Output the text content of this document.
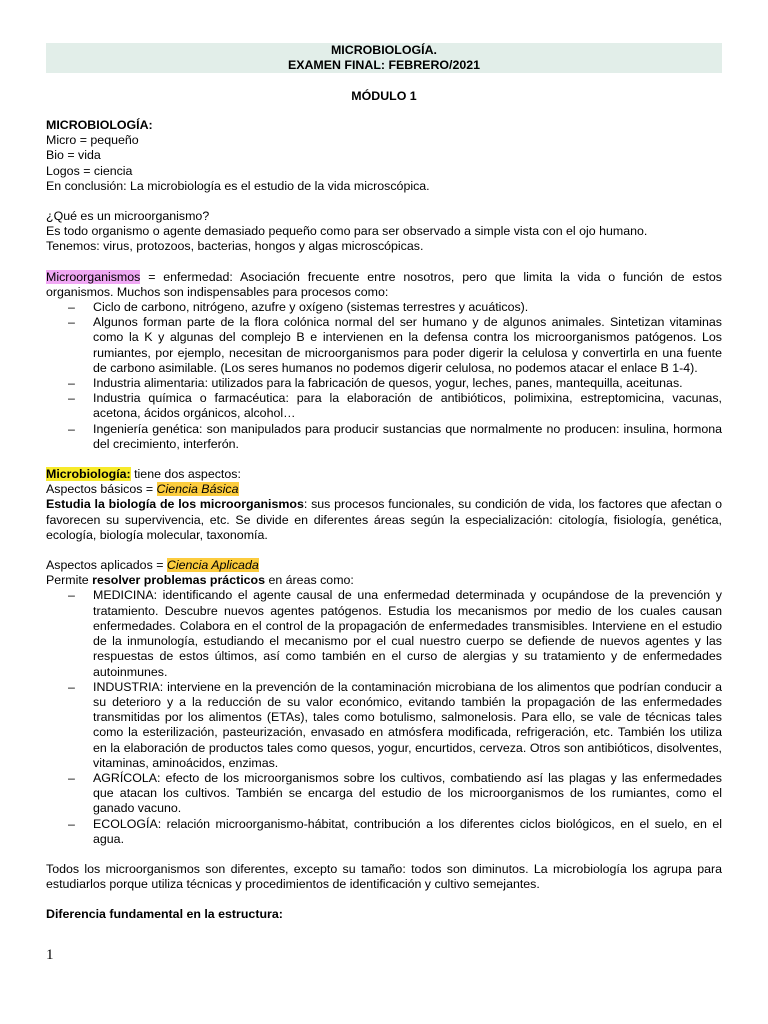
MICROBIOLOGÍA.
EXAMEN FINAL: FEBRERO/2021
MÓDULO 1
MICROBIOLOGÍA:
Micro = pequeño
Bio = vida
Logos = ciencia
En conclusión: La microbiología es el estudio de la vida microscópica.
¿Qué es un microorganismo?
Es todo organismo o agente demasiado pequeño como para ser observado a simple vista con el ojo humano.
Tenemos: virus, protozoos, bacterias, hongos y algas microscópicas.
Microorganismos = enfermedad: Asociación frecuente entre nosotros, pero que limita la vida o función de estos organismos. Muchos son indispensables para procesos como:
– Ciclo de carbono, nitrógeno, azufre y oxígeno (sistemas terrestres y acuáticos).
– Algunos forman parte de la flora colónica normal del ser humano y de algunos animales. Sintetizan vitaminas como la K y algunas del complejo B e intervienen en la defensa contra los microorganismos patógenos. Los rumiantes, por ejemplo, necesitan de microorganismos para poder digerir la celulosa y convertirla en una fuente de carbono asimilable. (Los seres humanos no podemos digerir celulosa, no podemos atacar el enlace B 1-4).
– Industria alimentaria: utilizados para la fabricación de quesos, yogur, leches, panes, mantequilla, aceitunas.
– Industria química o farmacéutica: para la elaboración de antibióticos, polimixina, estreptomicina, vacunas, acetona, ácidos orgánicos, alcohol…
– Ingeniería genética: son manipulados para producir sustancias que normalmente no producen: insulina, hormona del crecimiento, interferón.
Microbiología: tiene dos aspectos:
Aspectos básicos = Ciencia Básica
Estudia la biología de los microorganismos: sus procesos funcionales, su condición de vida, los factores que afectan o favorecen su supervivencia, etc. Se divide en diferentes áreas según la especialización: citología, fisiología, genética, ecología, biología molecular, taxonomía.
Aspectos aplicados = Ciencia Aplicada
Permite resolver problemas prácticos en áreas como:
– MEDICINA: identificando el agente causal de una enfermedad determinada y ocupándose de la prevención y tratamiento. Descubre nuevos agentes patógenos. Estudia los mecanismos por medio de los cuales causan enfermedades. Colabora en el control de la propagación de enfermedades transmisibles. Interviene en el estudio de la inmunología, estudiando el mecanismo por el cual nuestro cuerpo se defiende de nuevos agentes y las respuestas de estos últimos, así como también en el curso de alergias y su tratamiento y de enfermedades autoinmunes.
– INDUSTRIA: interviene en la prevención de la contaminación microbiana de los alimentos que podrían conducir a su deterioro y a la reducción de su valor económico, evitando también la propagación de las enfermedades transmitidas por los alimentos (ETAs), tales como botulismo, salmonelosis. Para ello, se vale de técnicas tales como la esterilización, pasteurización, envasado en atmósfera modificada, refrigeración, etc. También los utiliza en la elaboración de productos tales como quesos, yogur, encurtidos, cerveza. Otros son antibióticos, disolventes, vitaminas, aminoácidos, enzimas.
– AGRÍCOLA: efecto de los microorganismos sobre los cultivos, combatiendo así las plagas y las enfermedades que atacan los cultivos. También se encarga del estudio de los microorganismos de los rumiantes, como el ganado vacuno.
– ECOLOGÍA: relación microorganismo-hábitat, contribución a los diferentes ciclos biológicos, en el suelo, en el agua.
Todos los microorganismos son diferentes, excepto su tamaño: todos son diminutos. La microbiología los agrupa para estudiarlos porque utiliza técnicas y procedimientos de identificación y cultivo semejantes.
Diferencia fundamental en la estructura:
1
